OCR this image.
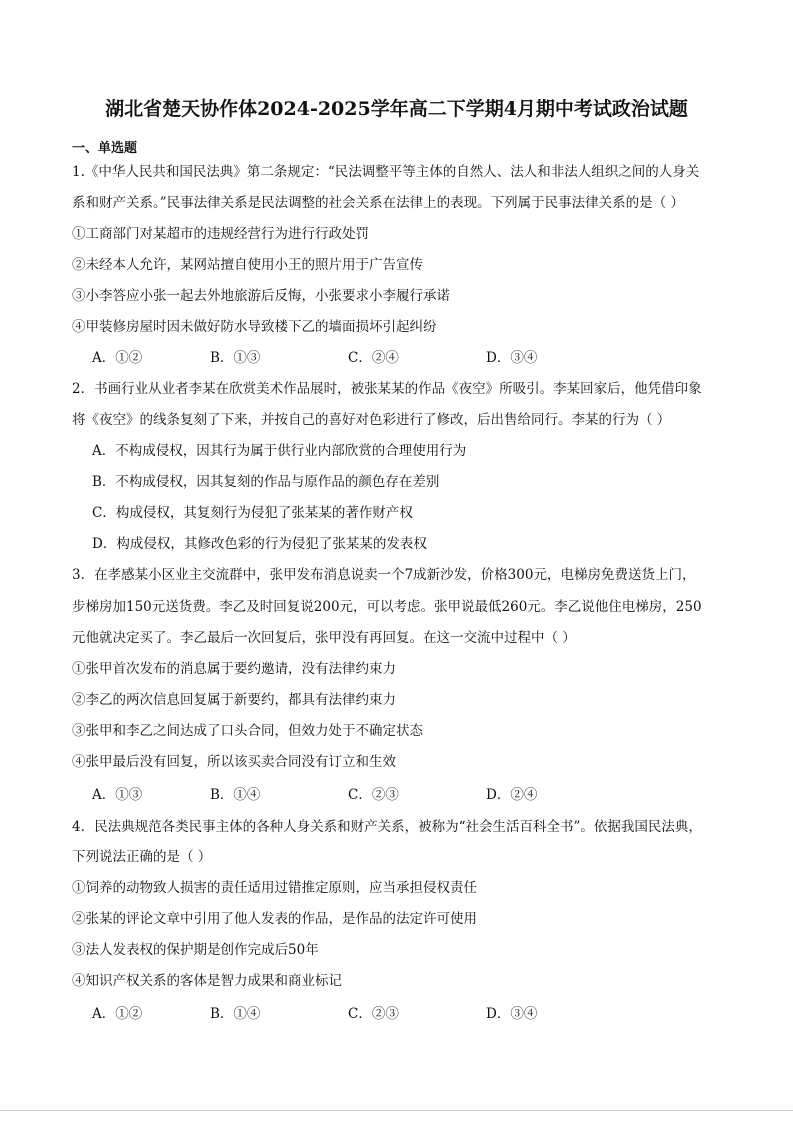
湖北省楚天协作体2024-2025学年高二下学期4月期中考试政治试题
一、单选题
1.《中华人民共和国民法典》第二条规定：“民法调整平等主体的自然人、法人和非法人组织之间的人身关
系和财产关系。”民事法律关系是民法调整的社会关系在法律上的表现。下列属于民事法律关系的是（ ）
①工商部门对某超市的违规经营行为进行行政处罚
②未经本人允许，某网站擅自使用小王的照片用于广告宣传
③小李答应小张一起去外地旅游后反悔，小张要求小李履行承诺
④甲装修房屋时因未做好防水导致楼下乙的墙面损坏引起纠纷
A．①②	B．①③	C．②④	D．③④
2．书画行业从业者李某在欣赏美术作品展时，被张某某的作品《夜空》所吸引。李某回家后，他凭借印象
将《夜空》的线条复刻了下来，并按自己的喜好对色彩进行了修改，后出售给同行。李某的行为（ ）
A．不构成侵权，因其行为属于供行业内部欣赏的合理使用行为
B．不构成侵权，因其复刻的作品与原作品的颜色存在差别
C．构成侵权，其复刻行为侵犯了张某某的著作财产权
D．构成侵权，其修改色彩的行为侵犯了张某某的发表权
3．在孝感某小区业主交流群中，张甲发布消息说卖一个7成新沙发，价格300元，电梯房免费送货上门，
步梯房加150元送货费。李乙及时回复说200元，可以考虑。张甲说最低260元。李乙说他住电梯房，250
元他就决定买了。李乙最后一次回复后，张甲没有再回复。在这一交流中过程中（ ）
①张甲首次发布的消息属于要约邀请，没有法律约束力
②李乙的两次信息回复属于新要约，都具有法律约束力
③张甲和李乙之间达成了口头合同，但效力处于不确定状态
④张甲最后没有回复，所以该买卖合同没有订立和生效
A．①③	B．①④	C．②③	D．②④
4．民法典规范各类民事主体的各种人身关系和财产关系，被称为“社会生活百科全书”。依据我国民法典，
下列说法正确的是（ ）
①饲养的动物致人损害的责任适用过错推定原则，应当承担侵权责任
②张某的评论文章中引用了他人发表的作品，是作品的法定许可使用
③法人发表权的保护期是创作完成后50年
④知识产权关系的客体是智力成果和商业标记
A．①②	B．①④	C．②③	D．③④
